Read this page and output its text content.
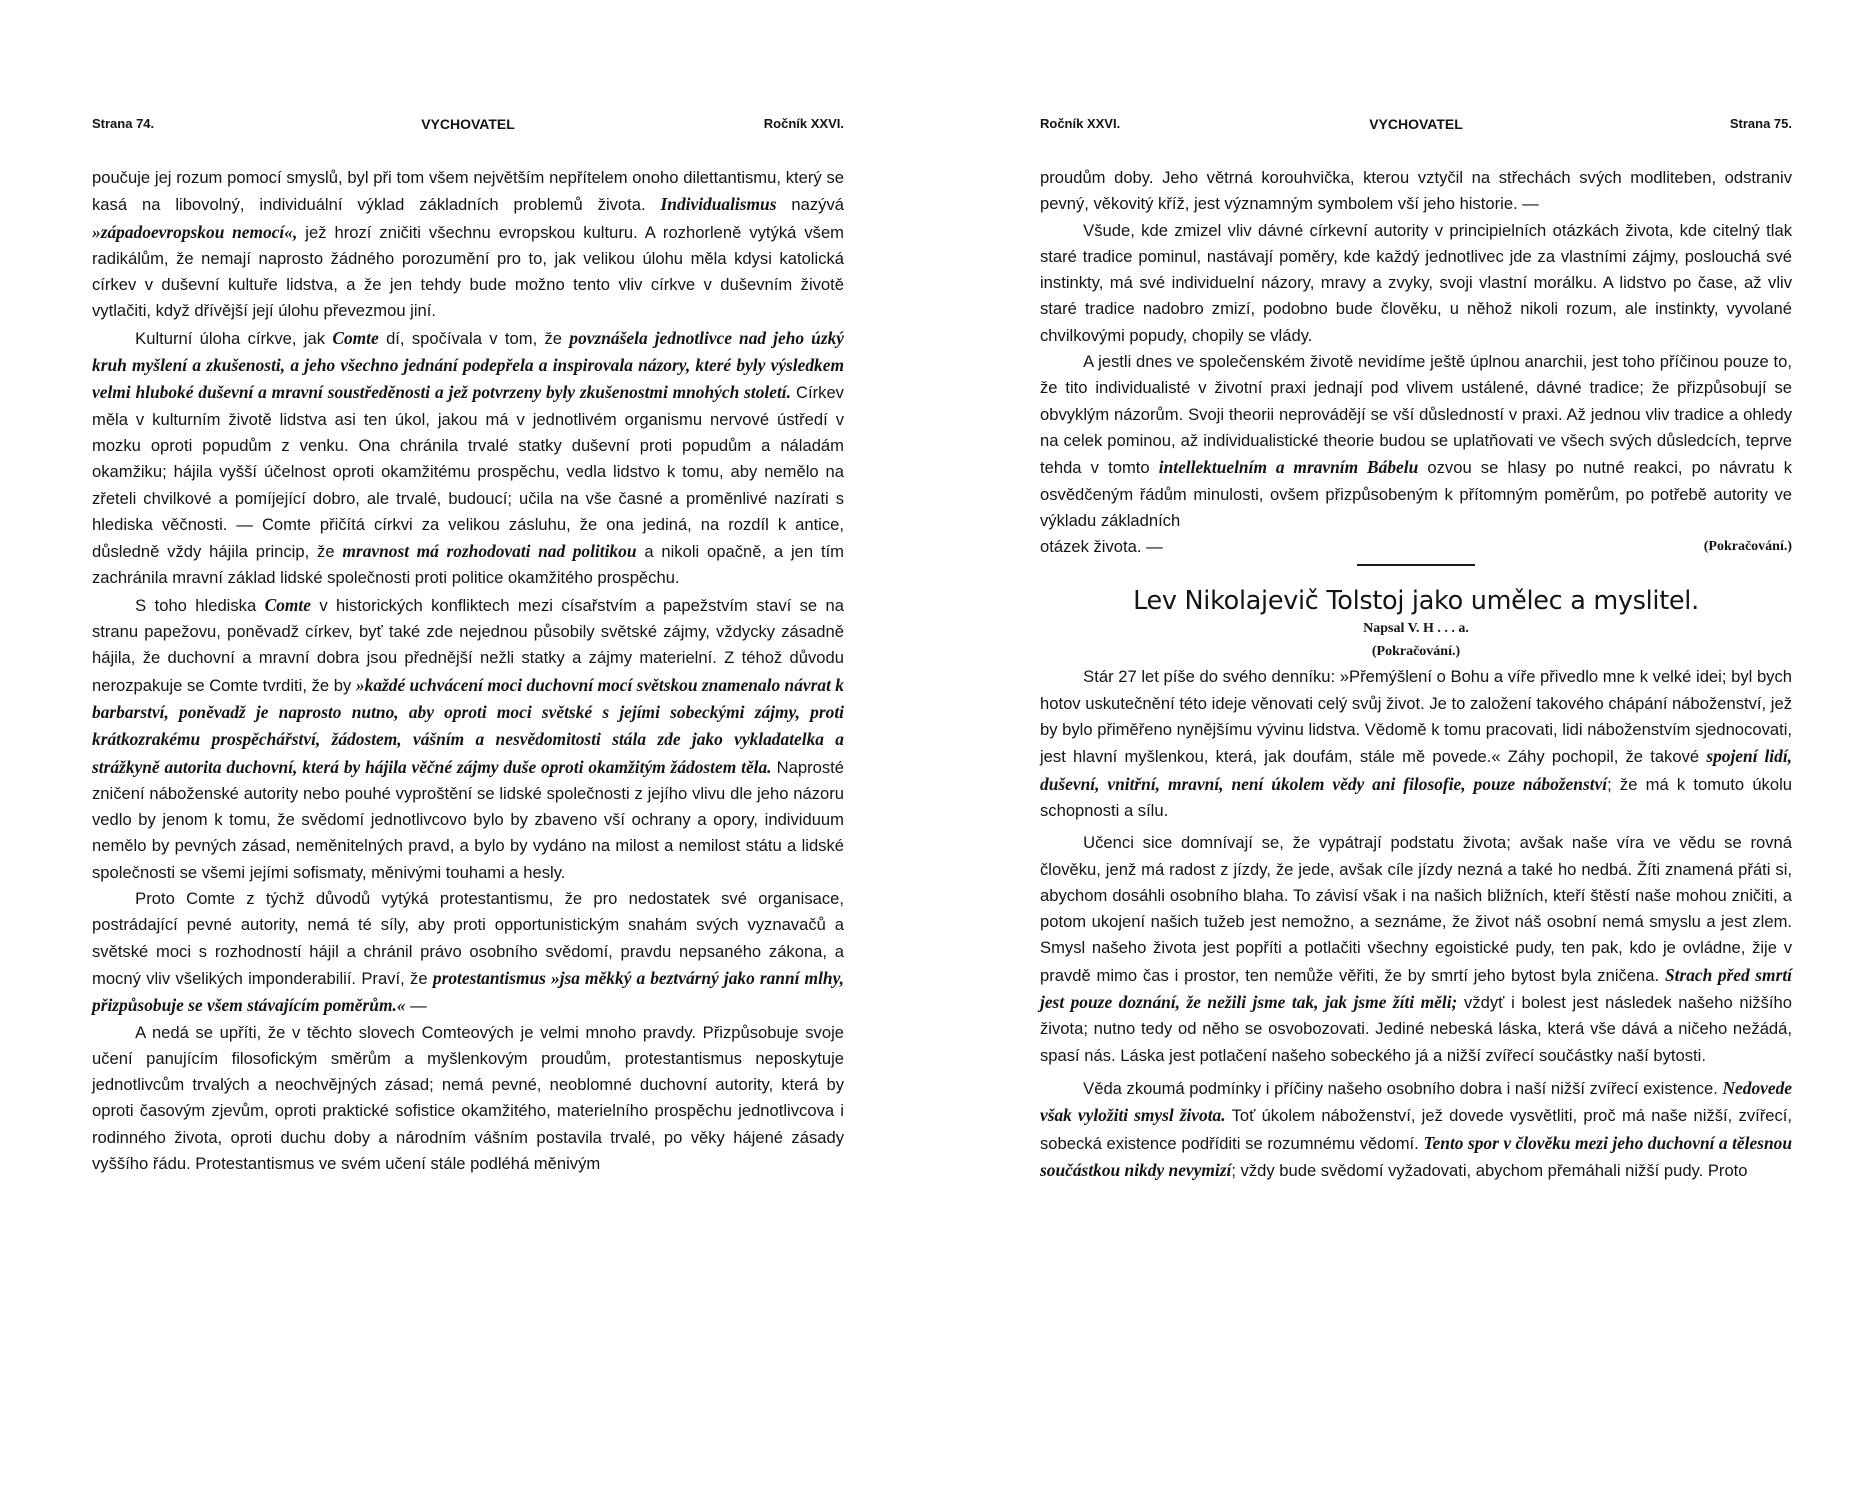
Strana 74.	VYCHOVATEL	Ročník XXVI.

poučuje jej rozum pomocí smyslů, byl při tom všem největším nepřítelem onoho dilettantismu, který se kasá na libovolný, individuální výklad základních problemů života. Individualismus nazývá »západoevropskou nemocí«, jež hrozí zničiti všechnu evropskou kulturu. A rozhorleně vytýká všem radikálům, že nemají naprosto žádného porozumění pro to, jak velikou úlohu měla kdysi katolická církev v duševní kultuře lidstva, a že jen tehdy bude možno tento vliv církve v duševním životě vytlačiti, když dřívější její úlohu převezmou jiní.

Kulturní úloha církve, jak Comte dí, spočívala v tom, že povznášela jednotlivce nad jeho úzký kruh myšlení a zkušenosti, a jeho všechno jednání podepřela a inspirovala názory, které byly výsledkem velmi hluboké duševní a mravní soustředěnosti a jež potvrzeny byly zkušenostmi mnohých století. Církev měla v kulturním životě lidstva asi ten úkol, jakou má v jednotlivém organismu nervové ústředí v mozku oproti popudům z venku. Ona chránila trvalé statky duševní proti popudům a náladám okamžiku; hájila vyšší účelnost oproti okamžitému prospěchu, vedla lidstvo k tomu, aby nemělo na zřeteli chvilkové a pomíjející dobro, ale trvalé, budoucí; učila na vše časné a proměnlivé nazírati s hlediska věčnosti. — Comte přičítá církvi za velikou zásluhu, že ona jediná, na rozdíl k antice, důsledně vždy hájila princip, že mravnost má rozhodovati nad politikou a nikoli opačně, a jen tím zachránila mravní základ lidské společnosti proti politice okamžitého prospěchu.

S toho hlediska Comte v historických konfliktech mezi císařstvím a papežstvím staví se na stranu papežovu, poněvadž církev, byť také zde nejednou působily světské zájmy, vždycky zásadně hájila, že duchovní a mravní dobra jsou přednější nežli statky a zájmy materielní. Z téhož důvodu nerozpakuje se Comte tvrditi, že by »každé uchvácení moci duchovní mocí světskou znamenalo návrat k barbarství, poněvadž je naprosto nutno, aby oproti moci světské s jejími sobeckými zájmy, proti krátkozrakému prospěchářství, žádostem, vášním a nesvědomitosti stála zde jako vykladatelka a strážkyně autorita duchovní, která by hájila věčné zájmy duše oproti okamžitým žádostem těla. Naprosté zničení náboženské autority nebo pouhé vyproštění se lidské společnosti z jejího vlivu dle jeho názoru vedlo by jenom k tomu, že svědomí jednotlivcovo bylo by zbaveno vší ochrany a opory, individuum nemělo by pevných zásad, neměnitelných pravd, a bylo by vydáno na milost a nemilost státu a lidské společnosti se všemi jejími sofismaty, měnivými touhami a hesly.

Proto Comte z týchž důvodů vytýká protestantismu, že pro nedostatek své organisace, postrádající pevné autority, nemá té síly, aby proti opportunistickým snahám svých vyznavačů a světské moci s rozhodností hájil a chránil právo osobního svědomí, pravdu nepsaného zákona, a mocný vliv všelikých imponderabilií. Praví, že protestantismus »jsa měkký a beztvárný jako ranní mlhy, přizpůsobuje se všem stávajícím poměrům.« —

A nedá se upříti, že v těchto slovech Comteových je velmi mnoho pravdy. Přizpůsobuje svoje učení panujícím filosofickým směrům a myšlenkovým proudům, protestantismus neposkytuje jednotlivcům trvalých a neochvějných zásad; nemá pevné, neoblomné duchovní autority, která by oproti časovým zjevům, oproti praktické sofistice okamžitého, materielního prospěchu jednotlivcova i rodinného života, oproti duchu doby a národním vášním postavila trvalé, po věky hájené zásady vyššího řádu. Protestantismus ve svém učení stále podléhá měnivým

Ročník XXVI.	VYCHOVATEL	Strana 75.

proudům doby. Jeho větrná korouhvička, kterou vztyčil na střechách svých modliteben, odstraniv pevný, věkovitý kříž, jest významným symbolem vší jeho historie. —

Všude, kde zmizel vliv dávné církevní autority v principielních otázkách života, kde citelný tlak staré tradice pominul, nastávají poměry, kde každý jednotlivec jde za vlastními zájmy, poslouchá své instinkty, má své individuelní názory, mravy a zvyky, svoji vlastní morálku. A lidstvo po čase, až vliv staré tradice nadobro zmizí, podobno bude člověku, u něhož nikoli rozum, ale instinkty, vyvolané chvilkovými popudy, chopily se vlády.

A jestli dnes ve společenském životě nevidíme ještě úplnou anarchii, jest toho příčinou pouze to, že tito individualisté v životní praxi jednají pod vlivem ustálené, dávné tradice; že přizpůsobují se obvyklým názorům. Svoji theorii neprovádějí se vší důsledností v praxi. Až jednou vliv tradice a ohledy na celek pominou, až individualistické theorie budou se uplatňovati ve všech svých důsledcích, teprve tehda v tomto intellektuelním a mravním Bábelu ozvou se hlasy po nutné reakci, po návratu k osvědčeným řádům minulosti, ovšem přizpůsobeným k přítomným poměrům, po potřebě autority ve výkladu základních

otázek života. —	(Pokračování.)
Lev Nikolajevič Tolstoj jako umělec a myslitel.
Napsal V. H . . . a.
(Pokračování.)

Stár 27 let píše do svého denníku: »Přemýšlení o Bohu a víře přivedlo mne k velké idei; byl bych hotov uskutečnění této ideje věnovati celý svůj život. Je to založení takového chápání náboženství, jež by bylo přiměřeno nynějšímu vývinu lidstva. Vědomě k tomu pracovati, lidi náboženstvím sjednocovati, jest hlavní myšlenkou, která, jak doufám, stále mě povede.« Záhy pochopil, že takové spojení lidí, duševní, vnitřní, mravní, není úkolem vědy ani filosofie, pouze náboženství; že má k tomuto úkolu schopnosti a sílu.

Učenci sice domnívají se, že vypátrají podstatu života; avšak naše víra ve vědu se rovná člověku, jenž má radost z jízdy, že jede, avšak cíle jízdy nezná a také ho nedbá. Žíti znamená přáti si, abychom dosáhli osobního blaha. To závisí však i na našich bližních, kteří štěstí naše mohou zničiti, a potom ukojení našich tužeb jest nemožno, a seznáme, že život náš osobní nemá smyslu a jest zlem. Smysl našeho života jest popříti a potlačiti všechny egoistické pudy, ten pak, kdo je ovládne, žije v pravdě mimo čas i prostor, ten nemůže věřiti, že by smrtí jeho bytost byla zničena. Strach před smrtí jest pouze doznání, že nežili jsme tak, jak jsme žíti měli; vždyť i bolest jest následek našeho nižšího života; nutno tedy od něho se osvobozovati. Jediné nebeská láska, která vše dává a ničeho nežádá, spasí nás. Láska jest potlačení našeho sobeckého já a nižší zvířecí součástky naší bytosti.

Věda zkoumá podmínky i příčiny našeho osobního dobra i naší nižší zvířecí existence. Nedovede však vyložiti smysl života. Toť úkolem náboženství, jež dovede vysvětliti, proč má naše nižší, zvířecí, sobecká existence podříditi se rozumnému vědomí. Tento spor v člověku mezi jeho duchovní a tělesnou součástkou nikdy nevymizí; vždy bude svědomí vyžadovati, abychom přemáhali nižší pudy. Proto
